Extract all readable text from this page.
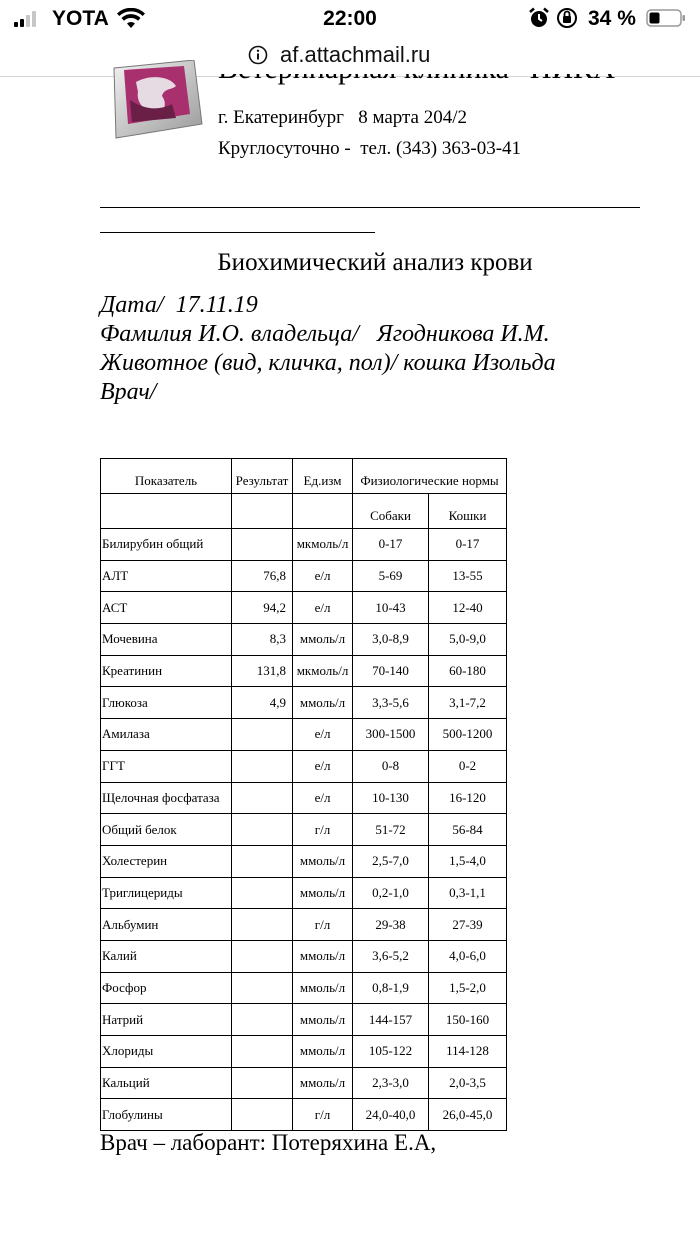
YOTA	22:00	34 %
af.attachmail.ru
г. Екатеринбург   8 марта 204/2
Круглосуточно -  тел. (343) 363-03-41
Биохимический анализ крови
Дата/  17.11.19
Фамилия И.О. владельца/   Ягодникова И.М.
Животное (вид, кличка, пол)/ кошка Изольда
Врач/
Показатель	Результат	Ед.изм	Физиологические нормы	
			Собаки	Кошки
Билирубин общий		мкмоль/л	0-17	0-17
АЛТ	76,8	е/л	5-69	13-55
АСТ	94,2	е/л	10-43	12-40
Мочевина	8,3	ммоль/л	3,0-8,9	5,0-9,0
Креатинин	131,8	мкмоль/л	70-140	60-180
Глюкоза	4,9	ммоль/л	3,3-5,6	3,1-7,2
Амилаза		е/л	300-1500	500-1200
ГГТ		е/л	0-8	0-2
Щелочная фосфатаза		е/л	10-130	16-120
Общий белок		г/л	51-72	56-84
Холестерин		ммоль/л	2,5-7,0	1,5-4,0
Триглицериды		ммоль/л	0,2-1,0	0,3-1,1
Альбумин		г/л	29-38	27-39
Калий		ммоль/л	3,6-5,2	4,0-6,0
Фосфор		ммоль/л	0,8-1,9	1,5-2,0
Натрий		ммоль/л	144-157	150-160
Хлориды		ммоль/л	105-122	114-128
Кальций		ммоль/л	2,3-3,0	2,0-3,5
Глобулины		г/л	24,0-40,0	26,0-45,0
Врач – лаборант: Потеряхина Е.А,
